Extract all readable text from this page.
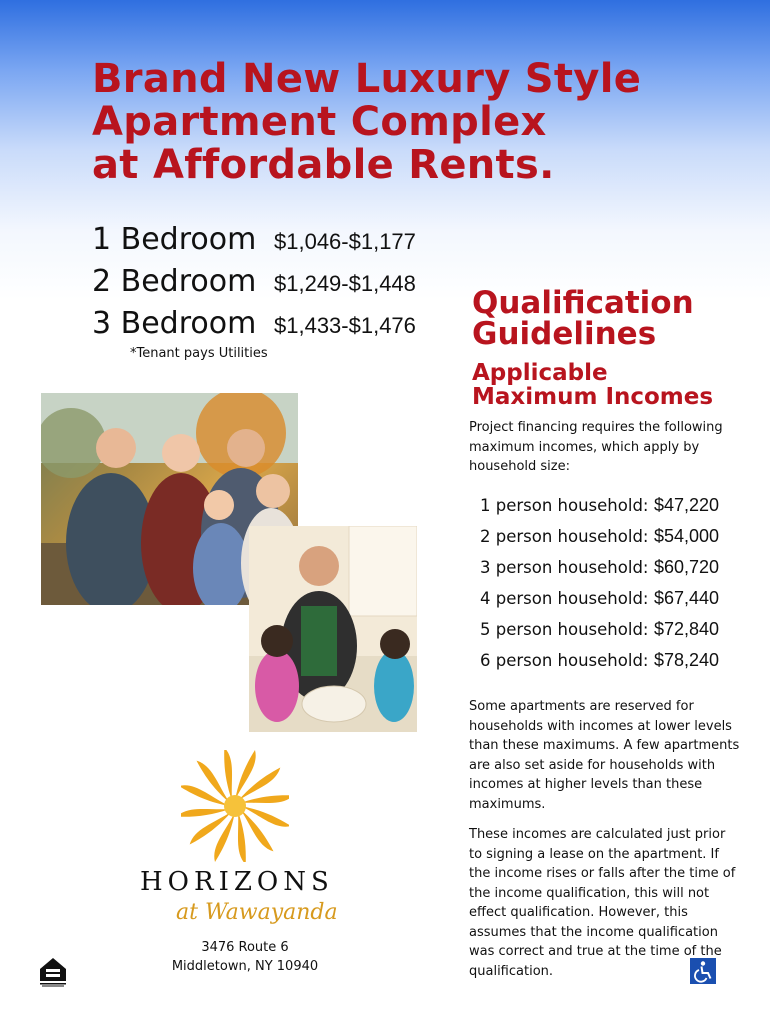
Brand New Luxury Style
Apartment Complex
at Affordable Rents.
1 Bedroom $1,046-$1,177
2 Bedroom $1,249-$1,448
3 Bedroom $1,433-$1,476
*Tenant pays Utilities
HORIZONS
at Wawayanda
3476 Route 6
Middletown, NY 10940
Qualification
Guidelines
Applicable
Maximum Incomes
Project financing requires the following maximum incomes, which apply by household size:
1 person household: $47,220
2 person household: $54,000
3 person household: $60,720
4 person household: $67,440
5 person household: $72,840
6 person household: $78,240
Some apartments are reserved for households with incomes at lower levels than these maximums. A few apartments are also set aside for households with incomes at higher levels than these maximums.
These incomes are calculated just prior to signing a lease on the apartment. If the income rises or falls after the time of the income qualification, this will not effect qualification. However, this assumes that the income qualification was correct and true at the time of the qualification.
